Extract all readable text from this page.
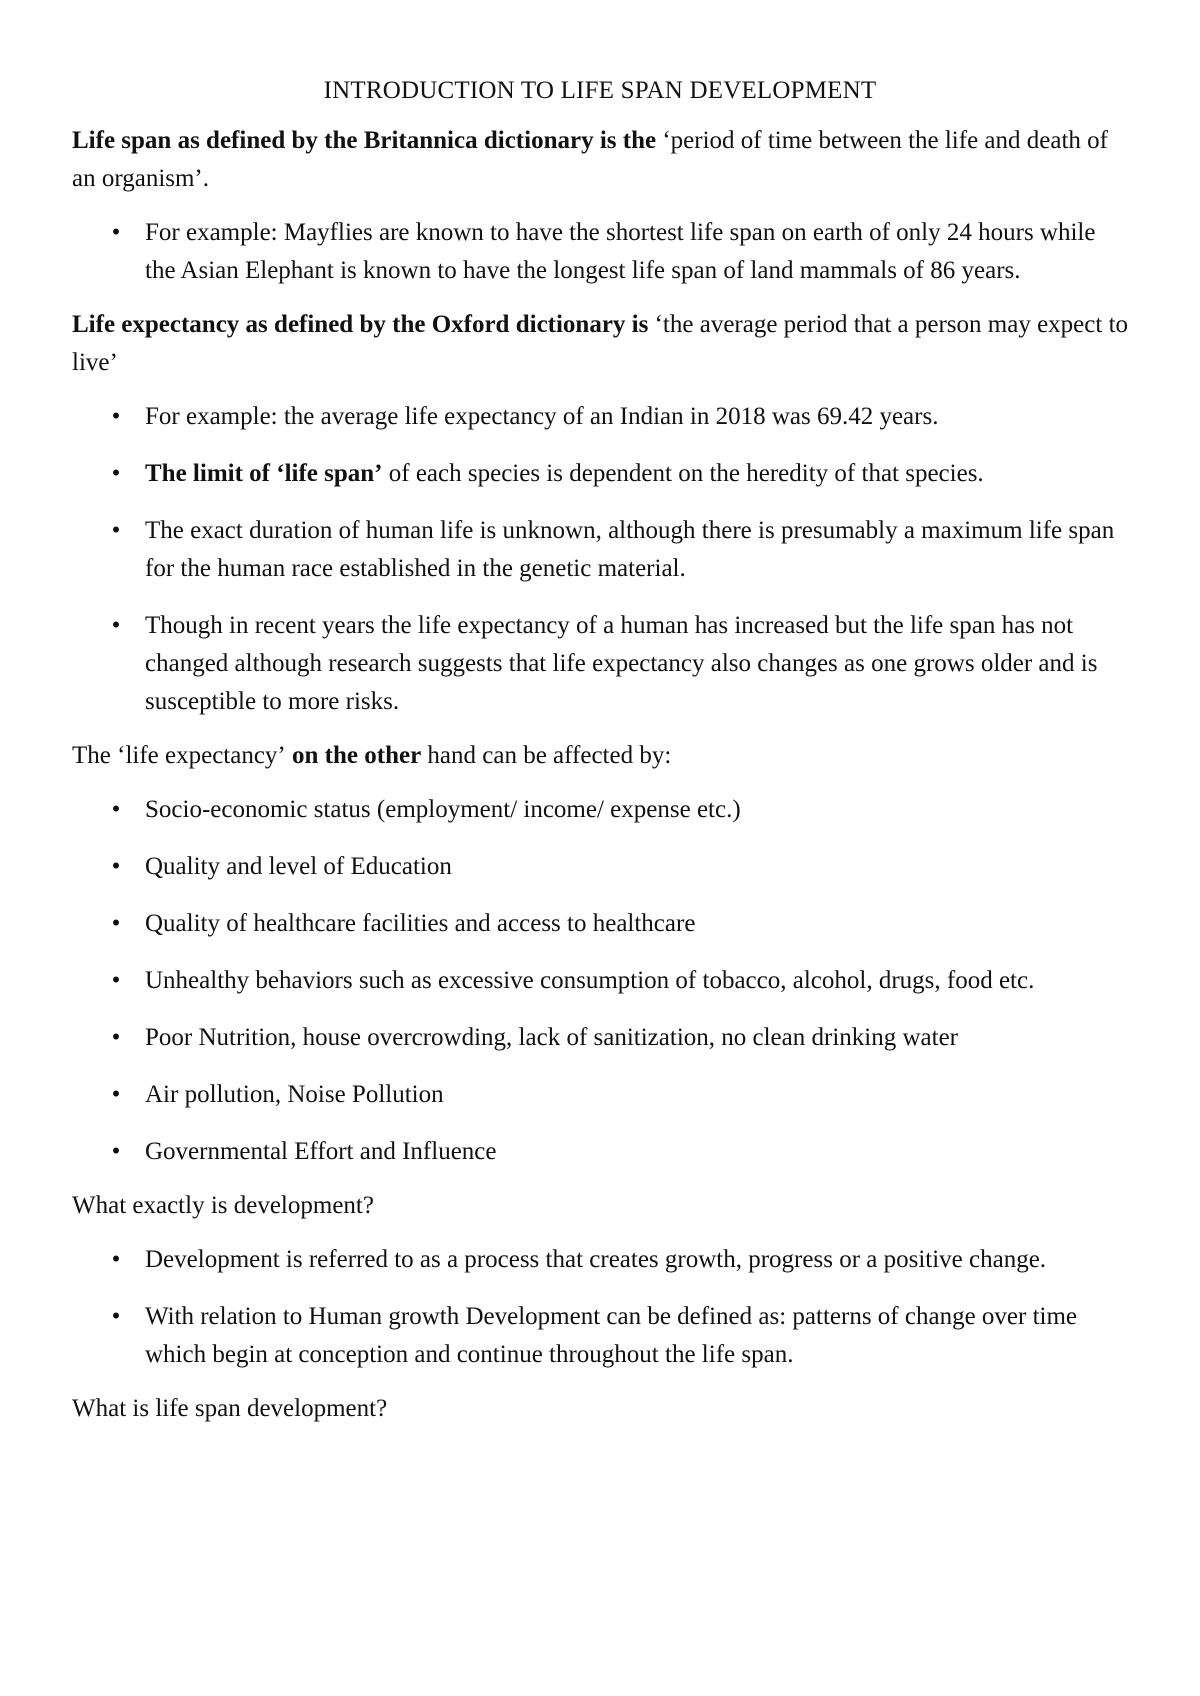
INTRODUCTION TO LIFE SPAN DEVELOPMENT

Life span as defined by the Britannica dictionary is the ‘period of time between the life and death of an organism’.

• For example: Mayflies are known to have the shortest life span on earth of only 24 hours while the Asian Elephant is known to have the longest life span of land mammals of 86 years.

Life expectancy as defined by the Oxford dictionary is ‘the average period that a person may expect to live’

• For example: the average life expectancy of an Indian in 2018 was 69.42 years.
• The limit of ‘life span’ of each species is dependent on the heredity of that species.
• The exact duration of human life is unknown, although there is presumably a maximum life span for the human race established in the genetic material.
• Though in recent years the life expectancy of a human has increased but the life span has not changed although research suggests that life expectancy also changes as one grows older and is susceptible to more risks.

The ‘life expectancy’ on the other hand can be affected by:

• Socio-economic status (employment/ income/ expense etc.)
• Quality and level of Education
• Quality of healthcare facilities and access to healthcare
• Unhealthy behaviors such as excessive consumption of tobacco, alcohol, drugs, food etc.
• Poor Nutrition, house overcrowding, lack of sanitization, no clean drinking water
• Air pollution, Noise Pollution
• Governmental Effort and Influence

What exactly is development?

• Development is referred to as a process that creates growth, progress or a positive change.
• With relation to Human growth Development can be defined as: patterns of change over time which begin at conception and continue throughout the life span.

What is life span development?
